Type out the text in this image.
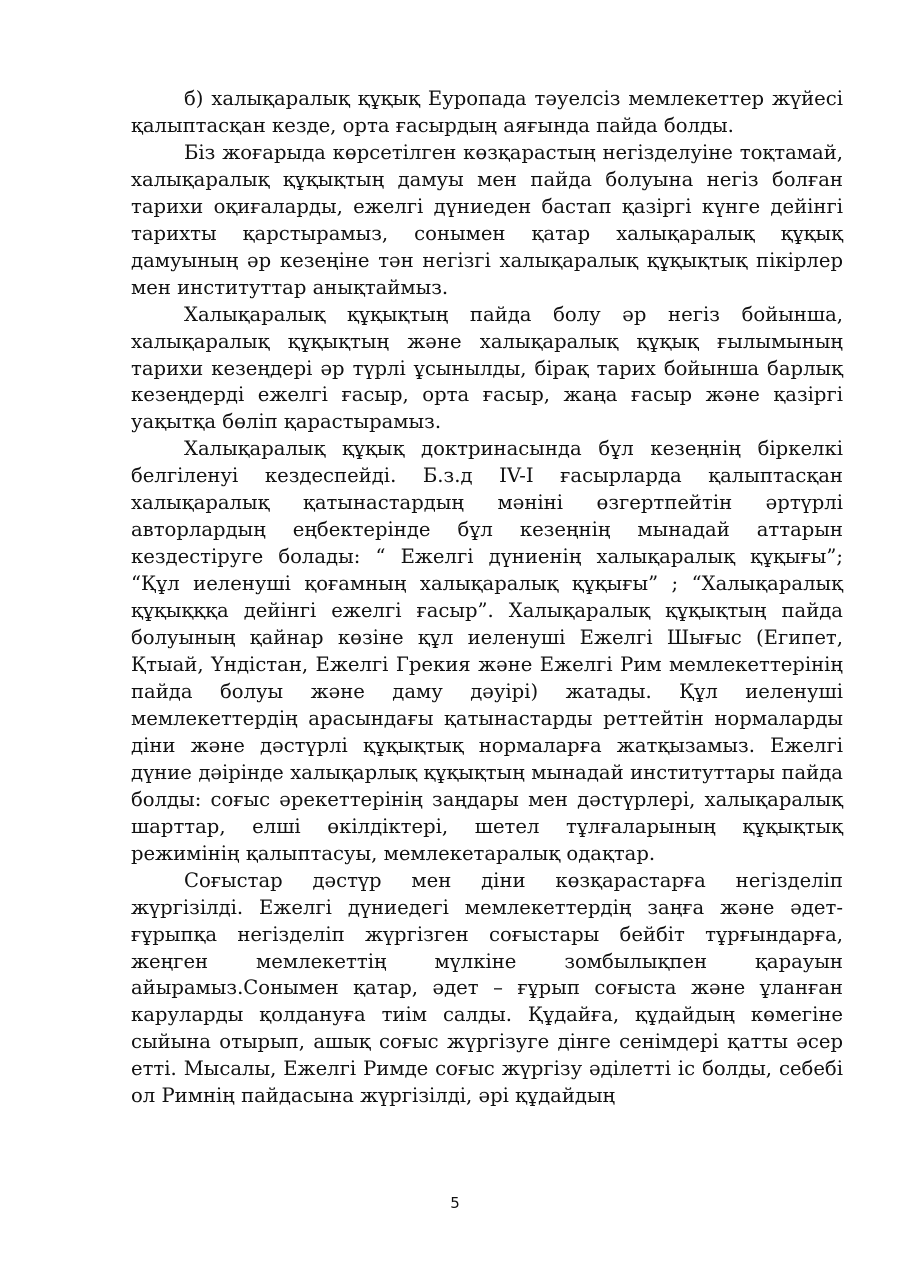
б) халықаралық құқық Еуропада тәуелсіз мемлекеттер жүйесі қалыптасқан кезде, орта ғасырдың аяғында пайда болды.

Біз жоғарыда көрсетілген көзқарастың негізделуіне тоқтамай, халықаралық құқықтың дамуы мен пайда болуына негіз болған тарихи оқиғаларды, ежелгі дүниеден бастап қазіргі күнге дейінгі тарихты қарстырамыз, сонымен қатар халықаралық құқық дамуының әр кезеңіне тән негізгі халықаралық құқықтық пікірлер мен институттар анықтаймыз.

Халықаралық құқықтың пайда болу әр негіз бойынша, халықаралық құқықтың және халықаралық құқық ғылымының тарихи кезеңдері әр түрлі ұсынылды, бірақ тарих бойынша барлық кезеңдерді ежелгі ғасыр, орта ғасыр, жаңа ғасыр және қазіргі уақытқа бөліп қарастырамыз.

Халықаралық құқық доктринасында бұл кезеңнің біркелкі белгіленуі кездеспейді. Б.з.д IV-I ғасырларда қалыптасқан халықаралық қатынастардың мәніні өзгертпейтін әртүрлі авторлардың еңбектерінде бұл кезеңнің мынадай аттарын кездестіруге болады: “ Ежелгі дүниенің халықаралық құқығы”; “Құл иеленуші қоғамның халықаралық құқығы” ; “Халықаралық құқықққа дейінгі ежелгі ғасыр”. Халықаралық құқықтың пайда болуының қайнар көзіне құл иеленуші Ежелгі Шығыс (Египет, Қтыай, Үндістан, Ежелгі Грекия және Ежелгі Рим мемлекеттерінің пайда болуы және даму дәуірі) жатады. Құл иеленуші мемлекеттердің арасындағы қатынастарды реттейтін нормаларды діни және дәстүрлі құқықтық нормаларға жатқызамыз. Ежелгі дүние дәірінде халықарлық құқықтың мынадай институттары пайда болды: соғыс әрекеттерінің заңдары мен дәстүрлері, халықаралық шарттар, елші өкілдіктері, шетел тұлғаларының құқықтық режимінің қалыптасуы, мемлекетаралық одақтар.

Соғыстар дәстүр мен діни көзқарастарға негізделіп жүргізілді. Ежелгі дүниедегі мемлекеттердің заңға және әдет-ғұрыпқа негізделіп жүргізген соғыстары бейбіт тұрғындарға, жеңген мемлекеттің мүлкіне зомбылықпен қарауын айырамыз.Сонымен қатар, әдет – ғұрып соғыста және ұланған каруларды қолдануға тиім салды. Құдайға, құдайдың көмегіне сыйына отырып, ашық соғыс жүргізуге дінге сенімдері қатты әсер етті. Мысалы, Ежелгі Римде соғыс жүргізу әділетті іс болды, себебі ол Римнің пайдасына жүргізілді, әрі құдайдың

5
